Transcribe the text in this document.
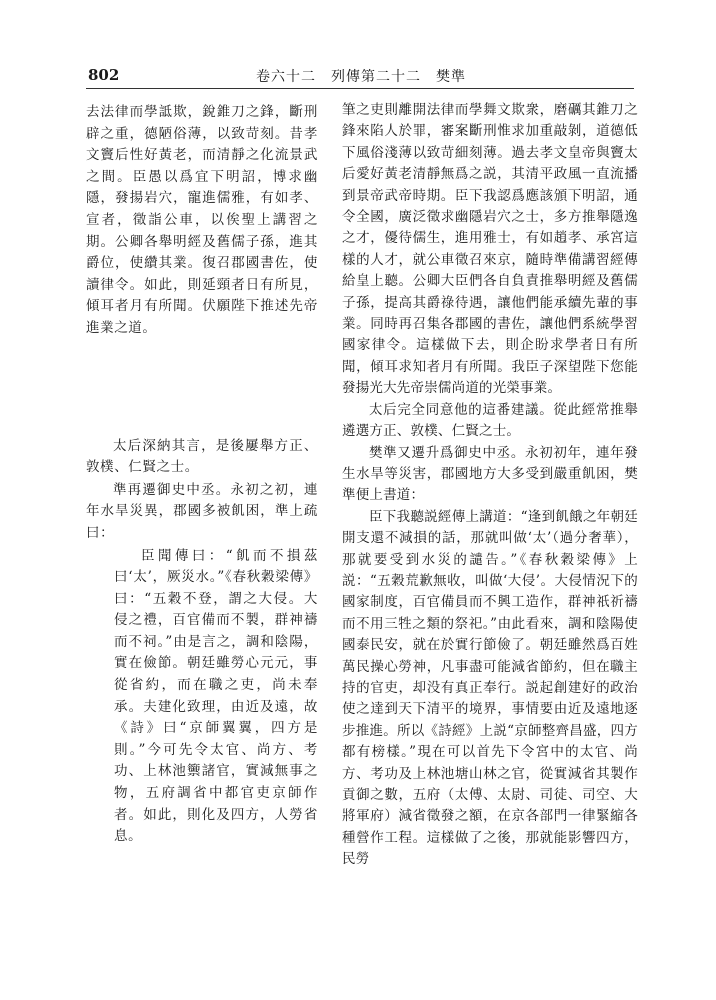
802	卷六十二　列傳第二十二　樊準

去法律而學詆欺，銳錐刀之鋒，斷刑辟之重，德陋俗薄，以致苛刻。昔孝文竇后性好黃老，而清靜之化流景武之間。臣愚以爲宜下明詔，博求幽隱，發揚岩穴，寵進儒雅，有如孝、宣者，徵詣公車，以俟聖上講習之期。公卿各舉明經及舊儒子孫，進其爵位，使纘其業。復召郡國書佐，使讀律令。如此，則延頸者日有所見，傾耳者月有所聞。伏願陛下推述先帝進業之道。

太后深納其言，是後屢舉方正、敦樸、仁賢之士。

準再遷御史中丞。永初之初，連年水旱災異，郡國多被飢困，準上疏曰：

臣聞傳曰：“飢而不損茲曰‘太’，厥災水。”《春秋穀梁傳》曰：“五穀不登，謂之大侵。大侵之禮，百官備而不製，群神禱而不祠。”由是言之，調和陰陽，實在儉節。朝廷雖勞心元元，事從省約，而在職之吏，尚未奉承。夫建化致理，由近及遠，故《詩》曰“京師翼翼，四方是則。”今可先令太官、尚方、考功、上林池籞諸官，實減無事之物，五府調省中都官吏京師作者。如此，則化及四方，人勞省息。

筆之吏則離開法律而學舞文欺衆，磨礪其錐刀之鋒來陷人於罪，審案斷刑惟求加重敲剝，道德低下風俗淺薄以致苛細刻薄。過去孝文皇帝與竇太后愛好黃老清靜無爲之説，其清平政風一直流播到景帝武帝時期。臣下我認爲應該頒下明詔，通令全國，廣泛徵求幽隱岩穴之士，多方推舉隱逸之才，優待儒生，進用雅士，有如趙孝、承宮這樣的人才，就公車徵召來京，隨時準備講習經傳給皇上聽。公卿大臣們各自負責推舉明經及舊儒子孫，提高其爵祿待遇，讓他們能承續先輩的事業。同時再召集各郡國的書佐，讓他們系統學習國家律令。這樣做下去，則企盼求學者日有所聞，傾耳求知者月有所聞。我臣子深望陛下您能發揚光大先帝崇儒尚道的光榮事業。

太后完全同意他的這番建議。從此經常推舉遴選方正、敦樸、仁賢之士。

樊準又遷升爲御史中丞。永初初年，連年發生水旱等災害，郡國地方大多受到嚴重飢困，樊準便上書道：

臣下我聽説經傳上講道：“逢到飢餓之年朝廷開支還不減損的話，那就叫做‘太’（過分奢華），那就要受到水災的譴告。”《春秋穀梁傳》上説：“五穀荒歉無收，叫做‘大侵’。大侵情況下的國家制度，百官備員而不興工造作，群神祇祈禱而不用三牲之類的祭祀。”由此看來，調和陰陽使國泰民安，就在於實行節儉了。朝廷雖然爲百姓萬民操心勞神，凡事盡可能減省節約，但在職主持的官吏，却没有真正奉行。説起創建好的政治使之達到天下清平的境界，事情要由近及遠地逐步推進。所以《詩經》上説“京師整齊昌盛，四方都有榜樣。”現在可以首先下令宮中的太官、尚方、考功及上林池塘山林之官，從實減省其製作貢御之數，五府（太傅、太尉、司徒、司空、大將軍府）減省徵發之額，在京各部門一律緊縮各種營作工程。這樣做了之後，那就能影響四方，民勞
